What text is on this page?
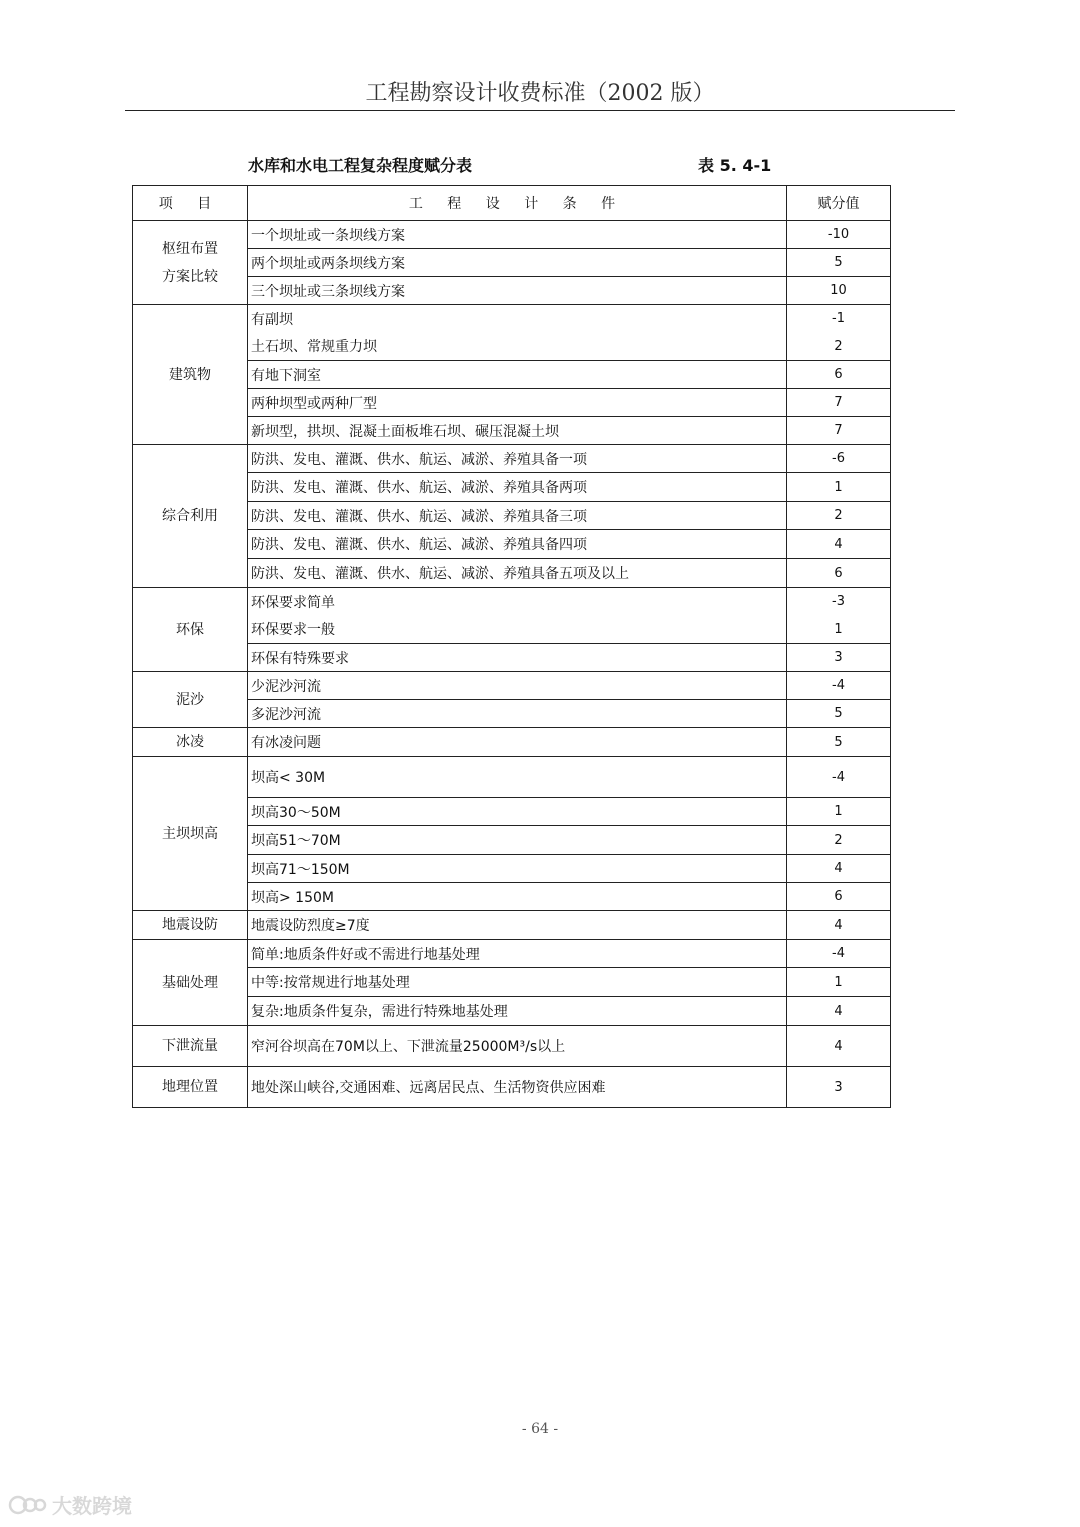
工程勘察设计收费标准（2002 版）
水库和水电工程复杂程度赋分表	表 5. 4-1
项 目	工 程 设 计 条 件	赋分值
枢纽布置
方案比较	一个坝址或一条坝线方案	-10
	两个坝址或两条坝线方案	5
	三个坝址或三条坝线方案	10
建筑物	有副坝	-1
	土石坝、常规重力坝	2
	有地下洞室	6
	两种坝型或两种厂型	7
	新坝型，拱坝、混凝土面板堆石坝、碾压混凝土坝	7
综合利用	防洪、发电、灌溉、供水、航运、减淤、养殖具备一项	-6
	防洪、发电、灌溉、供水、航运、减淤、养殖具备两项	1
	防洪、发电、灌溉、供水、航运、减淤、养殖具备三项	2
	防洪、发电、灌溉、供水、航运、减淤、养殖具备四项	4
	防洪、发电、灌溉、供水、航运、减淤、养殖具备五项及以上	6
环保	环保要求简单	-3
	环保要求一般	1
	环保有特殊要求	3
泥沙	少泥沙河流	-4
	多泥沙河流	5
冰凌	有冰凌问题	5
主坝坝高	坝高< 30M	-4
	坝高30～50M	1
	坝高51～70M	2
	坝高71～150M	4
	坝高> 150M	6
地震设防	地震设防烈度≥7度	4
基础处理	简单:地质条件好或不需进行地基处理	-4
	中等:按常规进行地基处理	1
	复杂:地质条件复杂，需进行特殊地基处理	4
下泄流量	窄河谷坝高在70M以上、下泄流量25000M³/s以上	4
地理位置	地处深山峡谷,交通困难、远离居民点、生活物资供应困难	3
- 64 -
大数跨境
